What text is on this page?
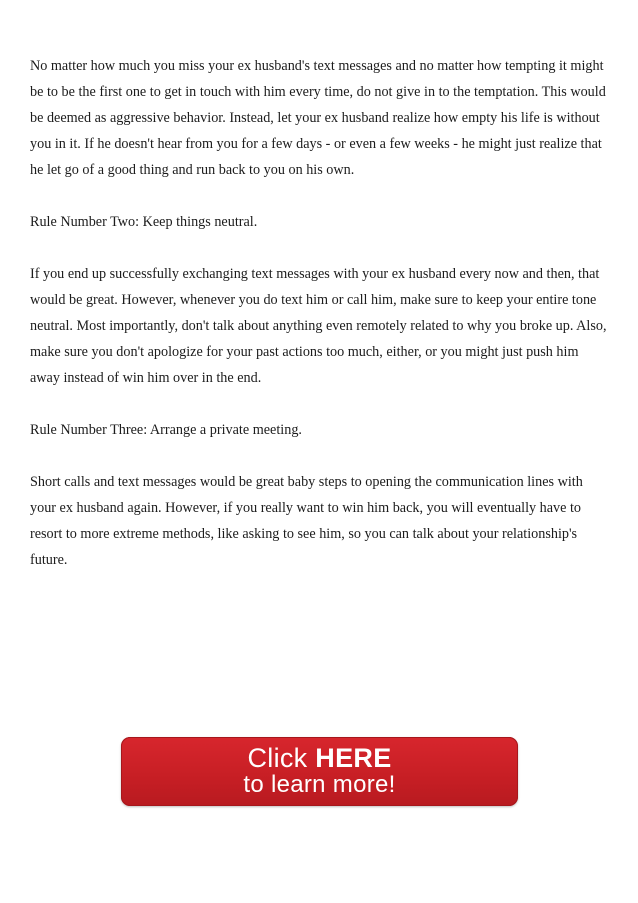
No matter how much you miss your ex husband's text messages and no matter how tempting it might be to be the first one to get in touch with him every time, do not give in to the temptation. This would be deemed as aggressive behavior. Instead, let your ex husband realize how empty his life is without you in it. If he doesn't hear from you for a few days - or even a few weeks - he might just realize that he let go of a good thing and run back to you on his own.

Rule Number Two: Keep things neutral.

If you end up successfully exchanging text messages with your ex husband every now and then, that would be great. However, whenever you do text him or call him, make sure to keep your entire tone neutral. Most importantly, don't talk about anything even remotely related to why you broke up. Also, make sure you don't apologize for your past actions too much, either, or you might just push him away instead of win him over in the end.

Rule Number Three: Arrange a private meeting.

Short calls and text messages would be great baby steps to opening the communication lines with your ex husband again. However, if you really want to win him back, you will eventually have to resort to more extreme methods, like asking to see him, so you can talk about your relationship's future.

Click HERE
to learn more!
